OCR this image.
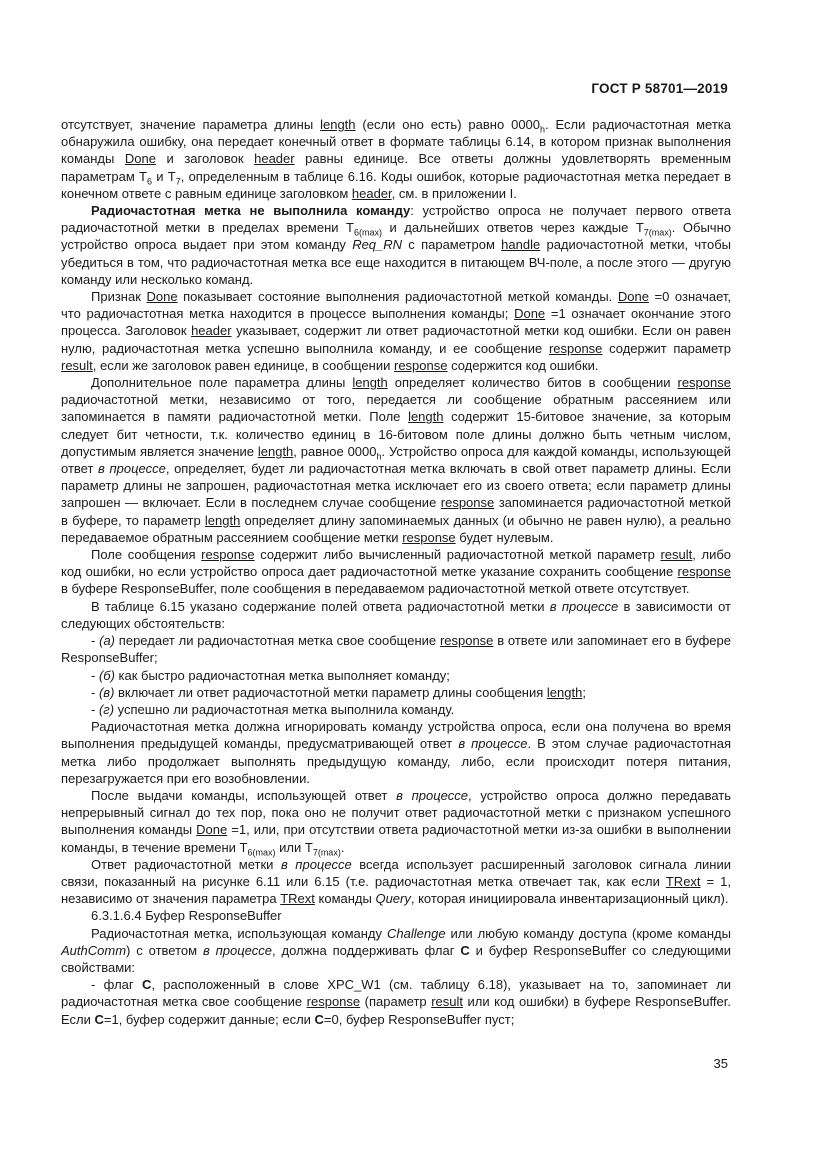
ГОСТ Р 58701—2019

отсутствует, значение параметра длины length (если оно есть) равно $0000_h$. Если радиочастотная метка обнаружила ошибку, она передает конечный ответ в формате таблицы 6.14, в котором признак выполнения команды Done и заголовок header равны единице. Все ответы должны удовлетворять временным параметрам $Т_6$ и $Т_7$, определенным в таблице 6.16. Коды ошибок, которые радиочастотная метка передает в конечном ответе с равным единице заголовком header, см. в приложении I.

Радиочастотная метка не выполнила команду: устройство опроса не получает первого ответа радиочастотной метки в пределах времени $Т_{6(max)}$ и дальнейших ответов через каждые $Т_{7(max)}$. Обычно устройство опроса выдает при этом команду Req_RN с параметром handle радиочастотной метки, чтобы убедиться в том, что радиочастотная метка все еще находится в питающем ВЧ-поле, а после этого — другую команду или несколько команд.

Признак Done показывает состояние выполнения радиочастотной меткой команды. Done =0 означает, что радиочастотная метка находится в процессе выполнения команды; Done =1 означает окончание этого процесса. Заголовок header указывает, содержит ли ответ радиочастотной метки код ошибки. Если он равен нулю, радиочастотная метка успешно выполнила команду, и ее сообщение response содержит параметр result, если же заголовок равен единице, в сообщении response содержится код ошибки.

Дополнительное поле параметра длины length определяет количество битов в сообщении response радиочастотной метки, независимо от того, передается ли сообщение обратным рассеянием или запоминается в памяти радиочастотной метки. Поле length содержит 15-битовое значение, за которым следует бит четности, т.к. количество единиц в 16-битовом поле длины должно быть четным числом, допустимым является значение length, равное $0000_h$. Устройство опроса для каждой команды, использующей ответ в процессе, определяет, будет ли радиочастотная метка включать в свой ответ параметр длины. Если параметр длины не запрошен, радиочастотная метка исключает его из своего ответа; если параметр длины запрошен — включает. Если в последнем случае сообщение response запоминается радиочастотной меткой в буфере, то параметр length определяет длину запоминаемых данных (и обычно не равен нулю), а реально передаваемое обратным рассеянием сообщение метки response будет нулевым.

Поле сообщения response содержит либо вычисленный радиочастотной меткой параметр result, либо код ошибки, но если устройство опроса дает радиочастотной метке указание сохранить сообщение response в буфере ResponseBuffer, поле сообщения в передаваемом радиочастотной меткой ответе отсутствует.

В таблице 6.15 указано содержание полей ответа радиочастотной метки в процессе в зависимости от следующих обстоятельств:

- (а) передает ли радиочастотная метка свое сообщение response в ответе или запоминает его в буфере ResponseBuffer;

- (б) как быстро радиочастотная метка выполняет команду;

- (в) включает ли ответ радиочастотной метки параметр длины сообщения length;

- (г) успешно ли радиочастотная метка выполнила команду.

Радиочастотная метка должна игнорировать команду устройства опроса, если она получена во время выполнения предыдущей команды, предусматривающей ответ в процессе. В этом случае радиочастотная метка либо продолжает выполнять предыдущую команду, либо, если происходит потеря питания, перезагружается при его возобновлении.

После выдачи команды, использующей ответ в процессе, устройство опроса должно передавать непрерывный сигнал до тех пор, пока оно не получит ответ радиочастотной метки с признаком успешного выполнения команды Done =1, или, при отсутствии ответа радиочастотной метки из-за ошибки в выполнении команды, в течение времени $Т_{6(max)}$ или $Т_{7(max)}$.

Ответ радиочастотной метки в процессе всегда использует расширенный заголовок сигнала линии связи, показанный на рисунке 6.11 или 6.15 (т.е. радиочастотная метка отвечает так, как если TRext = 1, независимо от значения параметра TRext команды Query, которая инициировала инвентаризационный цикл).

6.3.1.6.4 Буфер ResponseBuffer

Радиочастотная метка, использующая команду Challenge или любую команду доступа (кроме команды AuthComm) с ответом в процессе, должна поддерживать флаг C и буфер ResponseBuffer со следующими свойствами:

- флаг C, расположенный в слове XPC_W1 (см. таблицу 6.18), указывает на то, запоминает ли радиочастотная метка свое сообщение response (параметр result или код ошибки) в буфере ResponseBuffer. Если C=1, буфер содержит данные; если C=0, буфер ResponseBuffer пуст;

35
